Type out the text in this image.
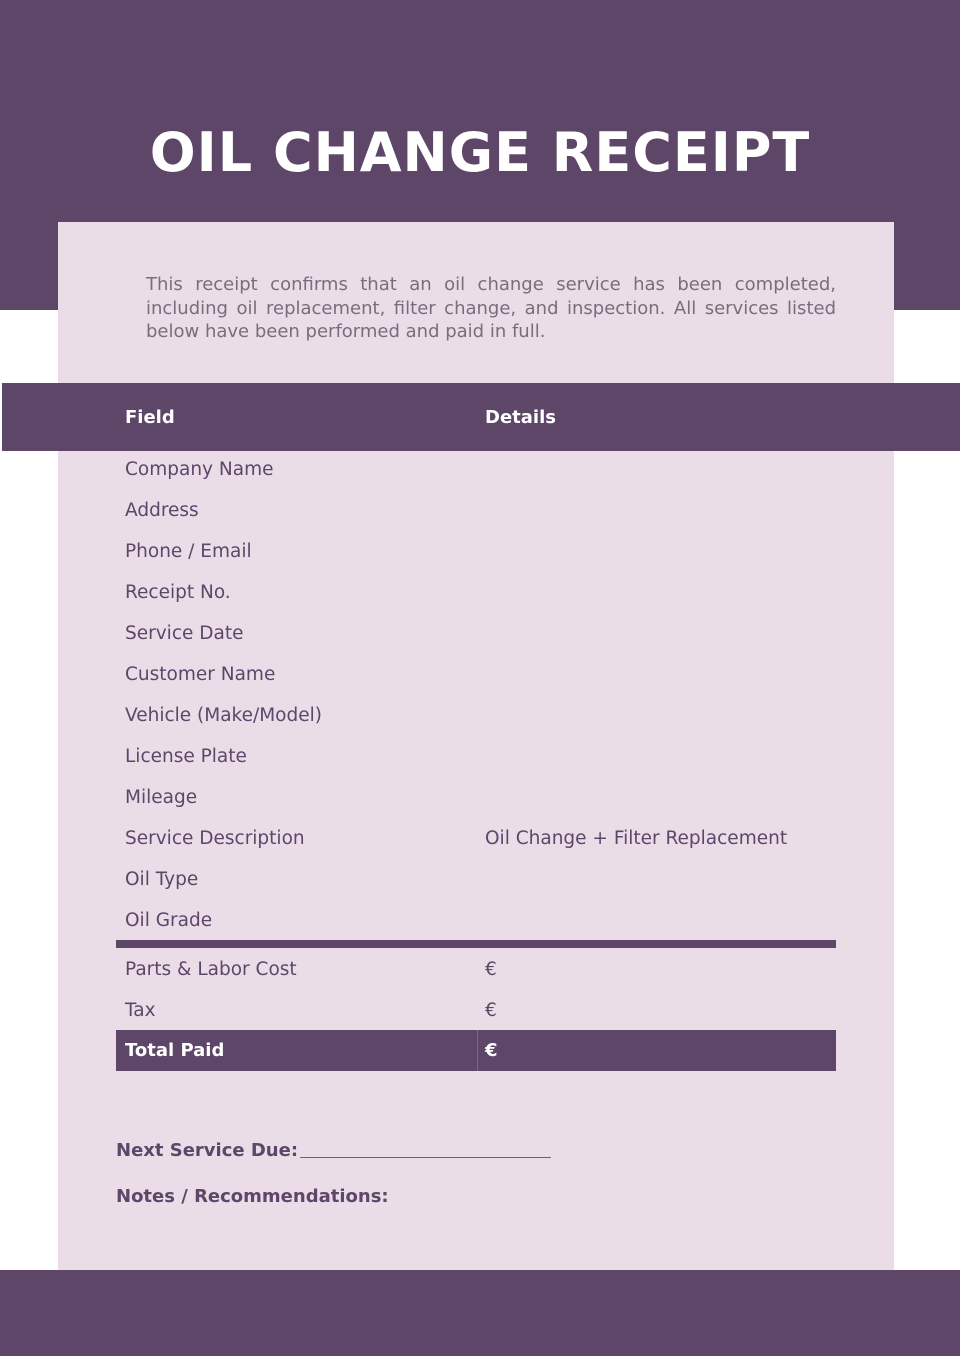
OIL CHANGE RECEIPT

This receipt confirms that an oil change service has been completed, including oil replacement, filter change, and inspection. All services listed below have been performed and paid in full.

Field	Details
Company Name
Address
Phone / Email
Receipt No.
Service Date
Customer Name
Vehicle (Make/Model)
License Plate
Mileage
Service Description	Oil Change + Filter Replacement
Oil Type
Oil Grade
Parts & Labor Cost	€
Tax	€
Total Paid	€
Next Service Due:
Notes / Recommendations:
